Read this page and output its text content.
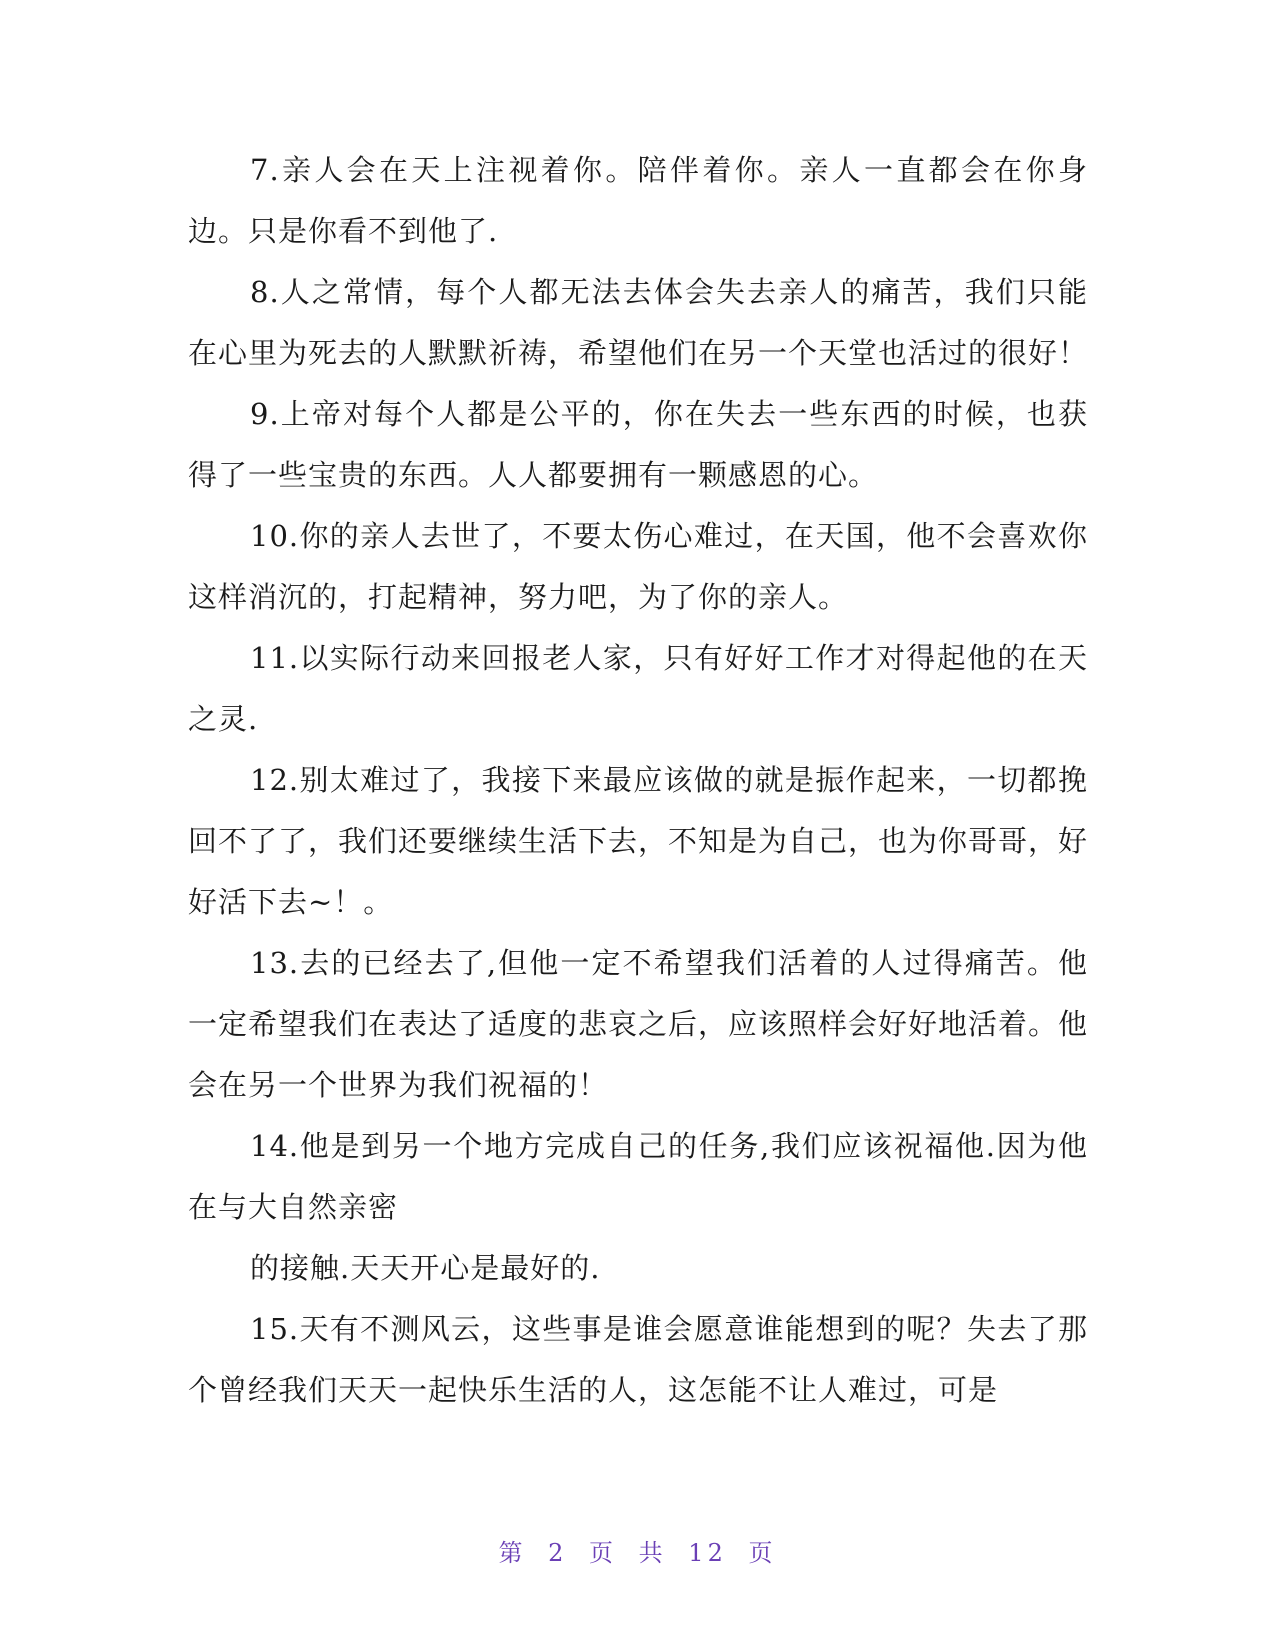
7.亲人会在天上注视着你。陪伴着你。亲人一直都会在你身边。只是你看不到他了.

8.人之常情，每个人都无法去体会失去亲人的痛苦，我们只能在心里为死去的人默默祈祷，希望他们在另一个天堂也活过的很好！

9.上帝对每个人都是公平的，你在失去一些东西的时候，也获得了一些宝贵的东西。人人都要拥有一颗感恩的心。

10.你的亲人去世了，不要太伤心难过，在天国，他不会喜欢你这样消沉的，打起精神，努力吧，为了你的亲人。

11.以实际行动来回报老人家，只有好好工作才对得起他的在天之灵.

12.别太难过了，我接下来最应该做的就是振作起来，一切都挽回不了了，我们还要继续生活下去，不知是为自己，也为你哥哥，好好活下去~！。

13.去的已经去了,但他一定不希望我们活着的人过得痛苦。他一定希望我们在表达了适度的悲哀之后，应该照样会好好地活着。他会在另一个世界为我们祝福的！

14.他是到另一个地方完成自己的任务,我们应该祝福他.因为他在与大自然亲密

的接触.天天开心是最好的.

15.天有不测风云，这些事是谁会愿意谁能想到的呢？失去了那个曾经我们天天一起快乐生活的人，这怎能不让人难过，可是

第 2 页 共 12 页
